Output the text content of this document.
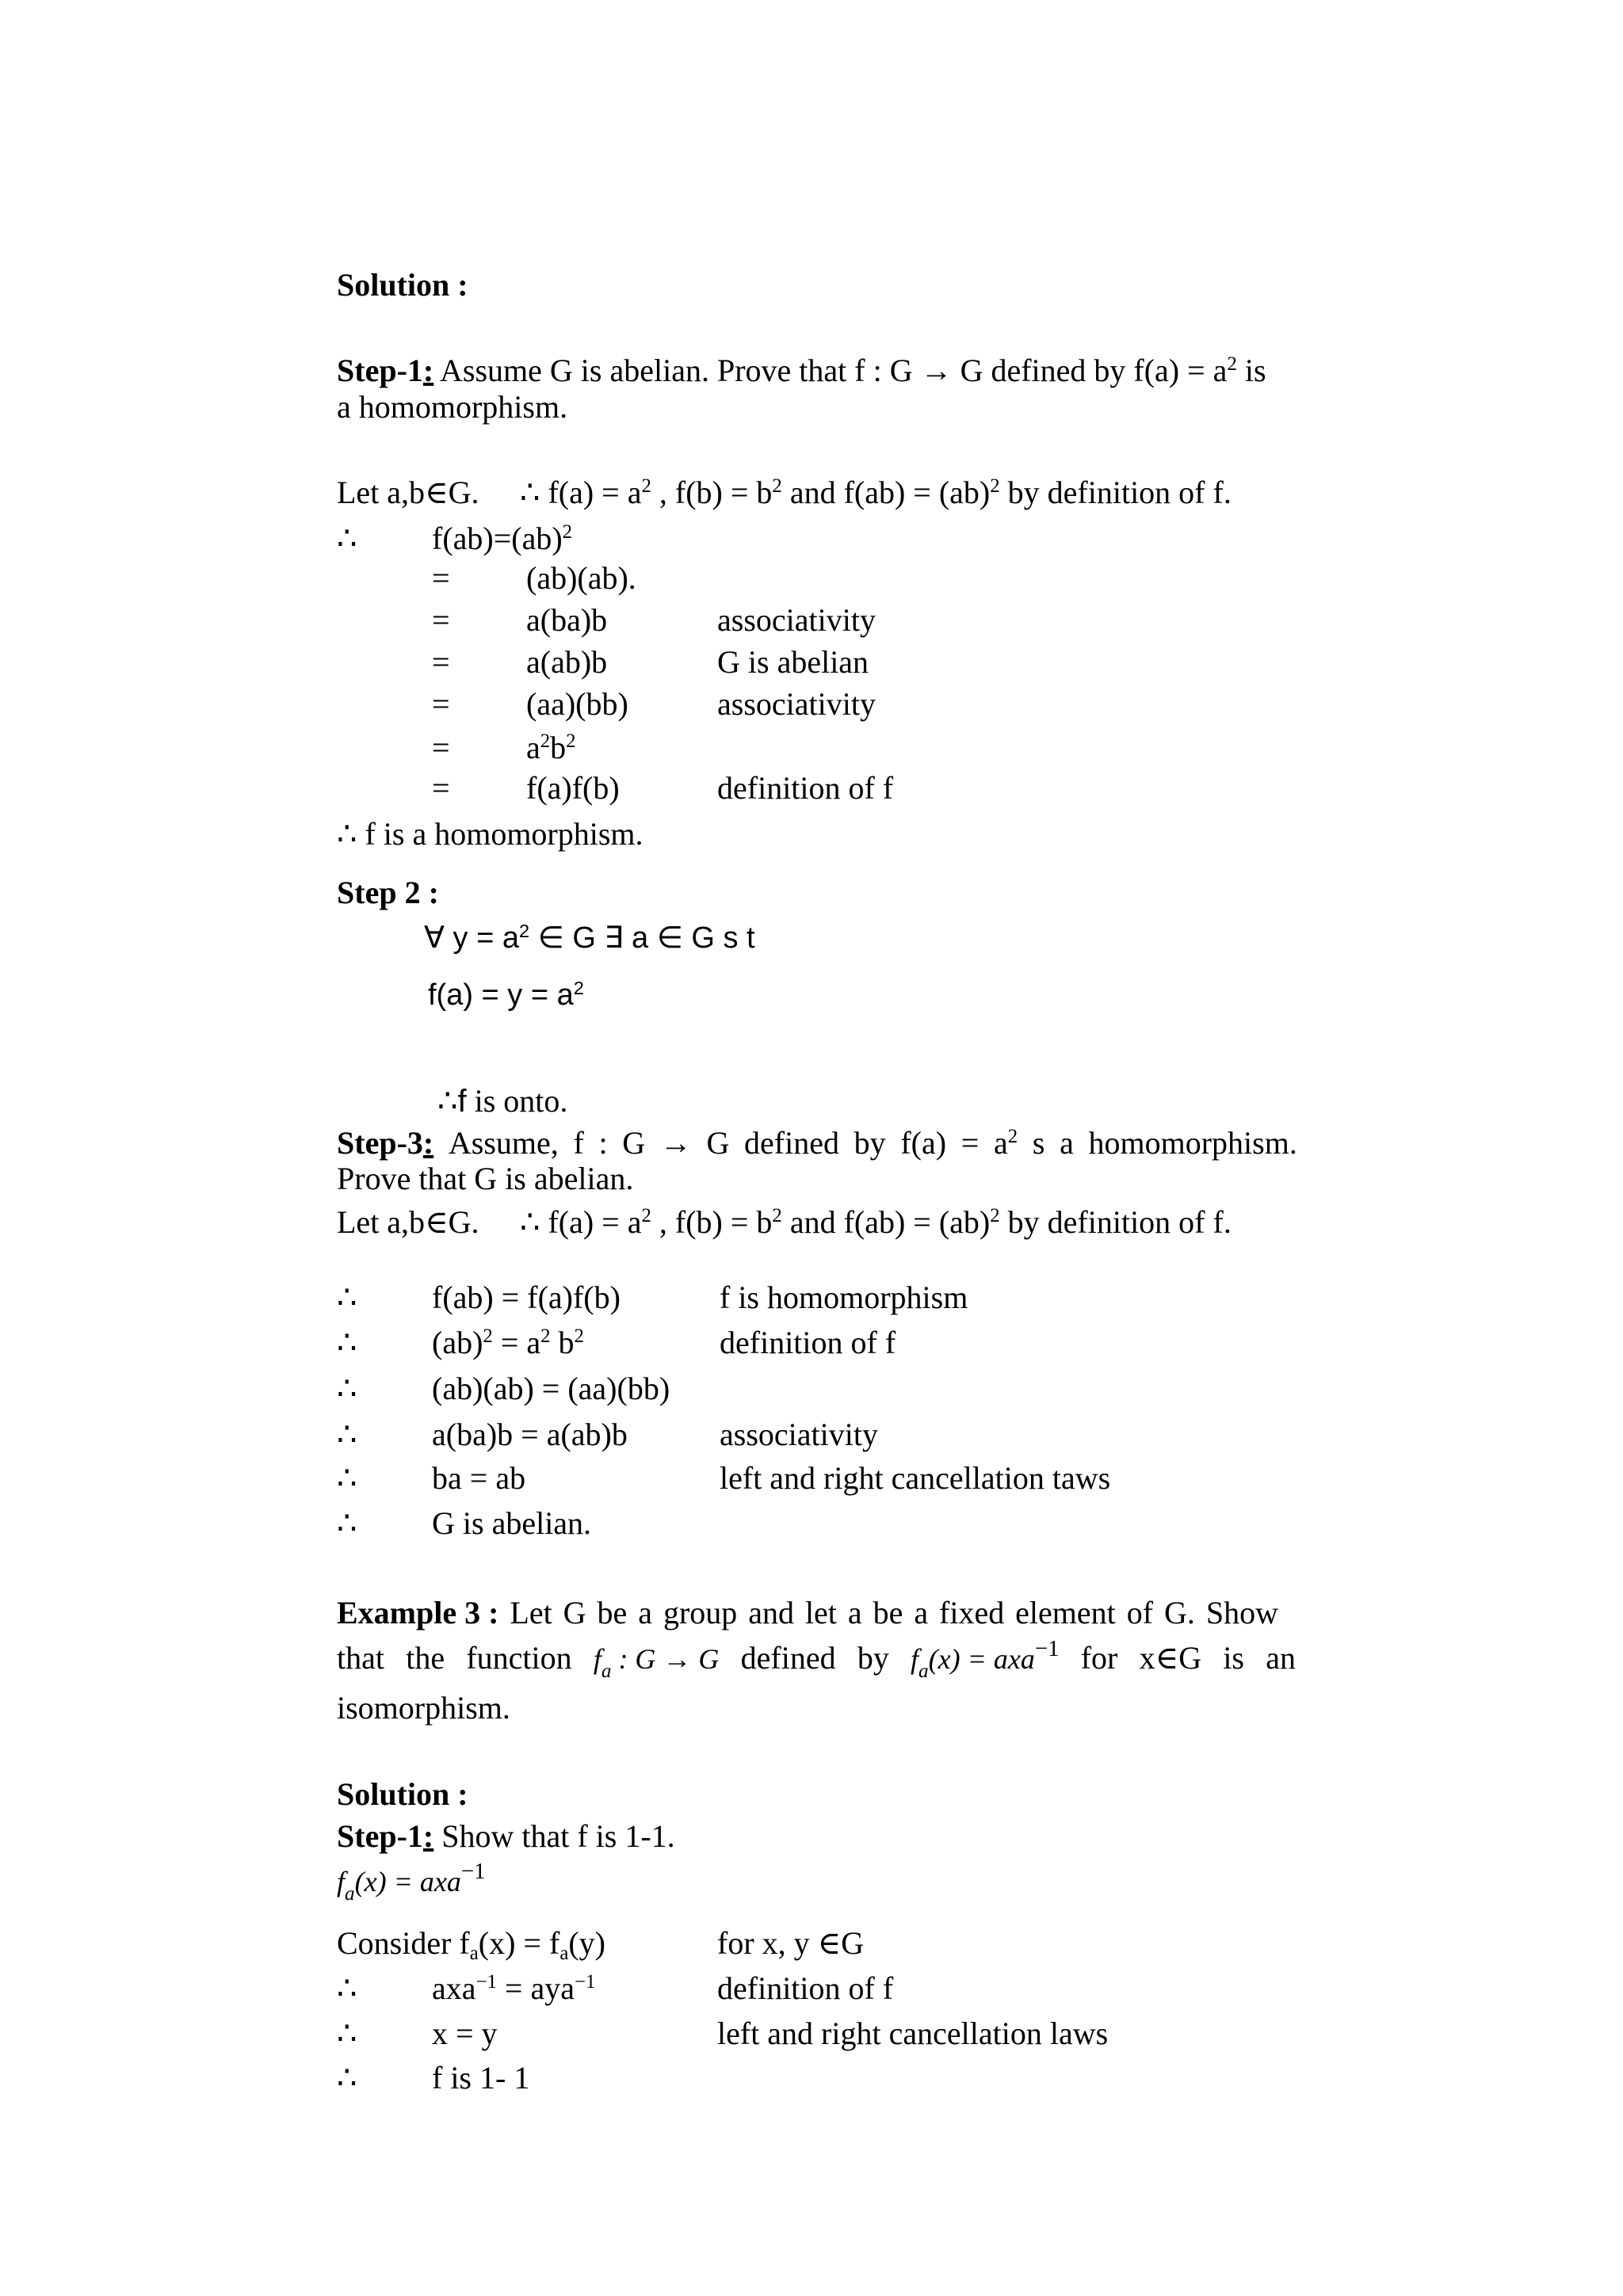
Solution :
Step-1: Assume G is abelian. Prove that f : G → G defined by $f(a) = a^2$ is
a homomorphism.
Let a,b∈G. ∴ $f(a) = a^2$ , $f(b) = b^2$ and f(ab) = (ab)$^2$ by definition of f.
∴ f(ab)=(ab)$^2$
= (ab)(ab).
= a(ba)b	associativity
= a(ab)b	G is abelian
= (aa)(bb)	associativity
= $a^2b^2$
= f(a)f(b)	definition of f
∴ f is a homomorphism.
Step 2 :
∀ $y = a^2$ ∈ G ∃ a ∈ G s t
$f(a) = y = a^2$
∴f is onto.
Step-3: Assume, f : G → G defined by $f(a) = a^2$ s a homomorphism.
Prove that G is abelian.
Let a,b∈G. ∴ $f(a) = a^2$ , $f(b) = b^2$ and f(ab) = (ab)$^2$ by definition of f.
∴ f(ab) = f(a)f(b)	f is homomorphism
∴ $(ab)^2 = a^2$ $b^2$	definition of f
∴ (ab)(ab) = (aa)(bb)
∴ a(ba)b = a(ab)b	associativity
∴ ba = ab	left and right cancellation taws
∴ G is abelian.
Example 3 : Let G be a group and let a be a fixed element of G. Show
that the function $f_a$ : G → G defined by $f_a(x) = axa^{-1}$ for x∈G is an
isomorphism.
Solution :
Step-1: Show that f is 1-1.
$f_a(x) = axa^{-1}$
Consider $f_a(x) = f_a(y)$	for x, y ∈G
∴ axa$^{-1}$ = aya$^{-1}$	definition of f
∴ x = y	left and right cancellation laws
∴ f is 1- 1
